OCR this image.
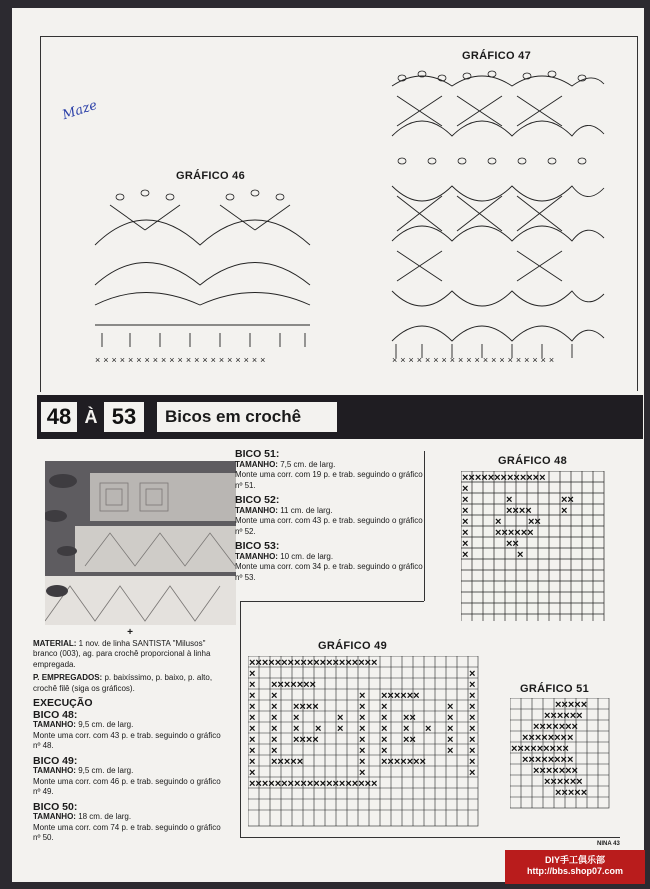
Maze
GRÁFICO 47
××××××××××××××××××××
GRÁFICO 46
×××××××××××××××××××××
48 À 53	Bicos em crochê
BICO 51:
TAMANHO: 7,5 cm. de larg.
Monte uma corr. com 19 p. e trab. seguindo o gráfico nº 51.
BICO 52:
TAMANHO: 11 cm. de larg.
Monte uma corr. com 43 p. e trab. seguindo o gráfico nº 52.
BICO 53:
TAMANHO: 10 cm. de larg.
Monte uma corr. com 34 p. e trab. seguindo o gráfico nº 53.
GRÁFICO 48
××××××××××××× × ×	×	×× ×	××××	× × × ×× × ×××××× ×	×× ×	×
GRÁFICO 49
×××××××××××××××××××× ×	× × ×××××××	× × ×	× ××××××	× × × ××××	× ×	× × × × ×	× × × ××	× × × × × × × × × × × × × × × ××××	× × ××	× × × ×	× ×	× × × ×××××	× ×××××××	× ×	×	× ××××××××××××××××××××
GRÁFICO 51
××××× ×××××× ××××××× ×××××××× ××××××××× ×××××××× ××××××× ×××××× ×××××
+
MATERIAL: 1 nov. de linha SANTISTA "Milusos" branco (003), ag. para crochê proporcional à linha empregada.
P. EMPREGADOS: p. baixíssimo, p. baixo, p. alto, crochê filê (siga os gráficos).
EXECUÇÃO
BICO 48:
TAMANHO: 9,5 cm. de larg.
Monte uma corr. com 43 p. e trab. seguindo o gráfico nº 48.
BICO 49:
TAMANHO: 9,5 cm. de larg.
Monte uma corr. com 46 p. e trab. seguindo o gráfico nº 49.
BICO 50:
TAMANHO: 18 cm. de larg.
Monte uma corr. com 74 p. e trab. seguindo o gráfico nº 50.
NINA 43
DIY手工俱乐部
http://bbs.shop07.com
